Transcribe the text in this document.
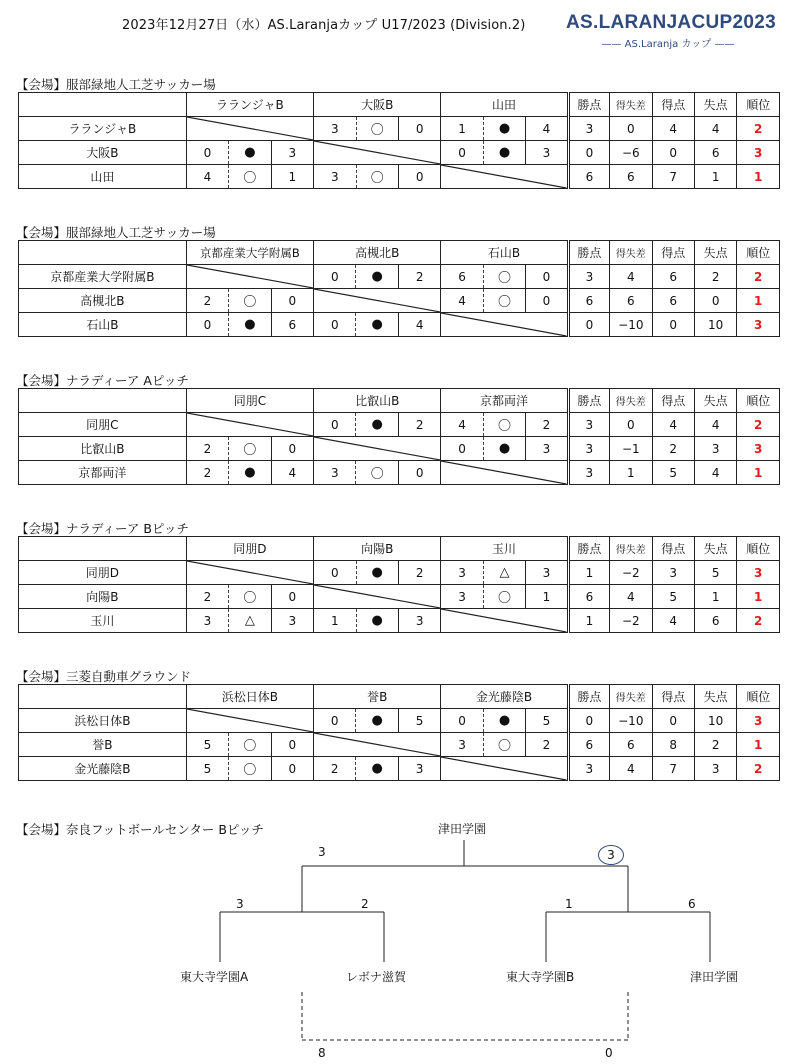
2023年12月27日（水）AS.Laranjaカップ U17/2023 (Division.2) AS.LARANJACUP2023
—— AS.Laranja カップ ——
【会場】服部緑地人工芝サッカー場
	ラランジャB			大阪B			山田			勝点	得失差	得点	失点	順位
ラランジャB				3	〇	0	1	●	4	3	0	4	4	2
大阪B	0	●	3				0	●	3	0	−6	0	6	3
山田	4	〇	1	3	〇	0				6	6	7	1	1
【会場】服部緑地人工芝サッカー場
	京都産業大学附属B			高槻北B			石山B			勝点	得失差	得点	失点	順位
京都産業大学附属B				0	●	2	6	〇	0	3	4	6	2	2
高槻北B	2	〇	0				4	〇	0	6	6	6	0	1
石山B	0	●	6	0	●	4				0	−10	0	10	3
【会場】ナラディーア Aピッチ
	同朋C			比叡山B			京都両洋			勝点	得失差	得点	失点	順位
同朋C				0	●	2	4	〇	2	3	0	4	4	2
比叡山B	2	〇	0				0	●	3	3	−1	2	3	3
京都両洋	2	●	4	3	〇	0				3	1	5	4	1
【会場】ナラディーア Bピッチ
	同朋D			向陽B			玉川			勝点	得失差	得点	失点	順位
同朋D				0	●	2	3	△	3	1	−2	3	5	3
向陽B	2	〇	0				3	〇	1	6	4	5	1	1
玉川	3	△	3	1	●	3				1	−2	4	6	2
【会場】三菱自動車グラウンド
	浜松日体B			誉B			金光藤陰B			勝点	得失差	得点	失点	順位
浜松日体B				0	●	5	0	●	5	0	−10	0	10	3
誉B	5	〇	0				3	〇	2	6	6	8	2	1
金光藤陰B	5	〇	0	2	●	3				3	4	7	3	2
【会場】奈良フットボールセンター Bピッチ	津田学園
3	3
3	2	1	6
東大寺学園A	レボナ滋賀	東大寺学園B	津田学園
8	0
